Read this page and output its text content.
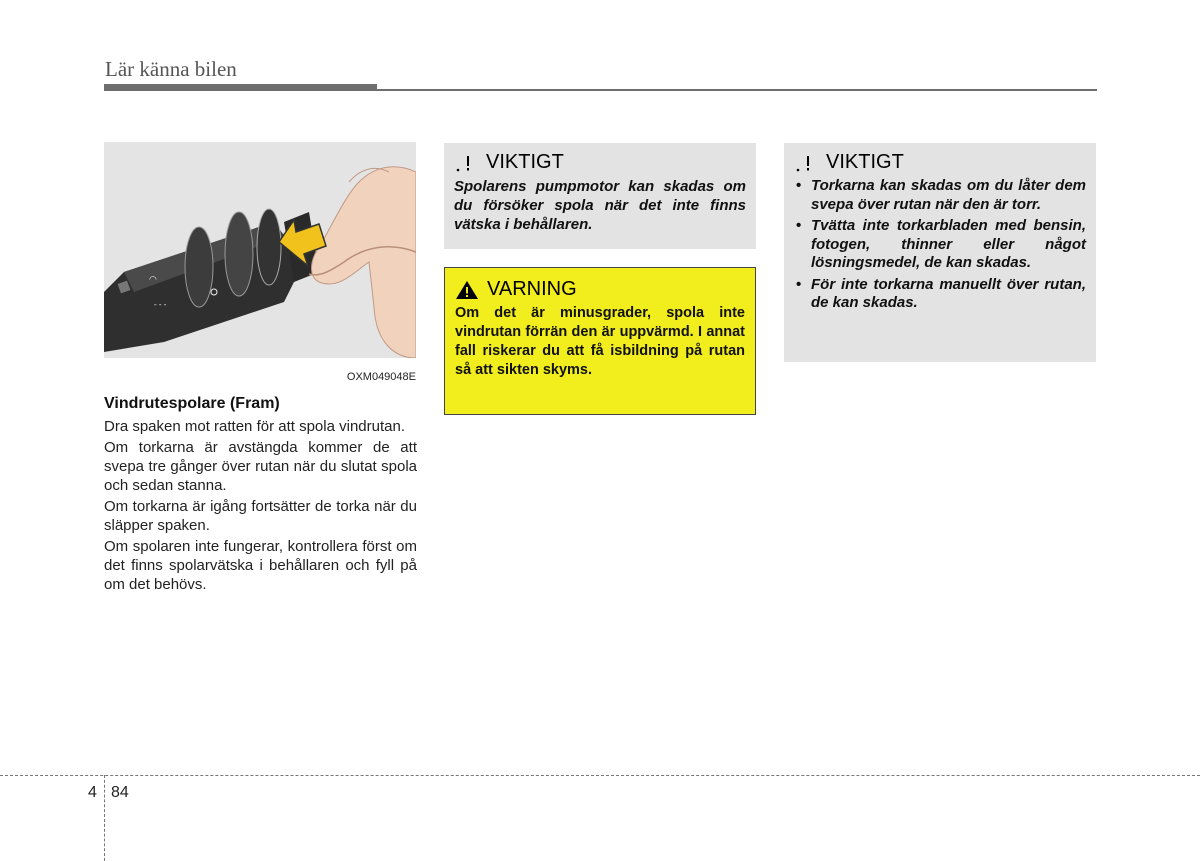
Lär känna bilen
◠
- - -
OXM049048E
Vindrutespolare (Fram)

Dra spaken mot ratten för att spola vindrutan.

Om torkarna är avstängda kommer de att svepa tre gånger över rutan när du slutat spola och sedan stanna.

Om torkarna är igång fortsätter de torka när du släpper spaken.

Om spolaren inte fungerar, kontrollera först om det finns spolarvätska i behållaren och fyll på om det behövs.

VIKTIGT
Spolarens pumpmotor kan skadas om du försöker spola när det inte finns vätska i behållaren.
VARNING
Om det är minusgrader, spola inte vindrutan förrän den är uppvärmd. I annat fall riskerar du att få isbildning på rutan så att sikten skyms.
VIKTIGT
• Torkarna kan skadas om du låter dem svepa över rutan när den är torr.
• Tvätta inte torkarbladen med bensin, fotogen, thinner eller något lösningsmedel, de kan skadas.
• För inte torkarna manuellt över rutan, de kan skadas.
4 84
